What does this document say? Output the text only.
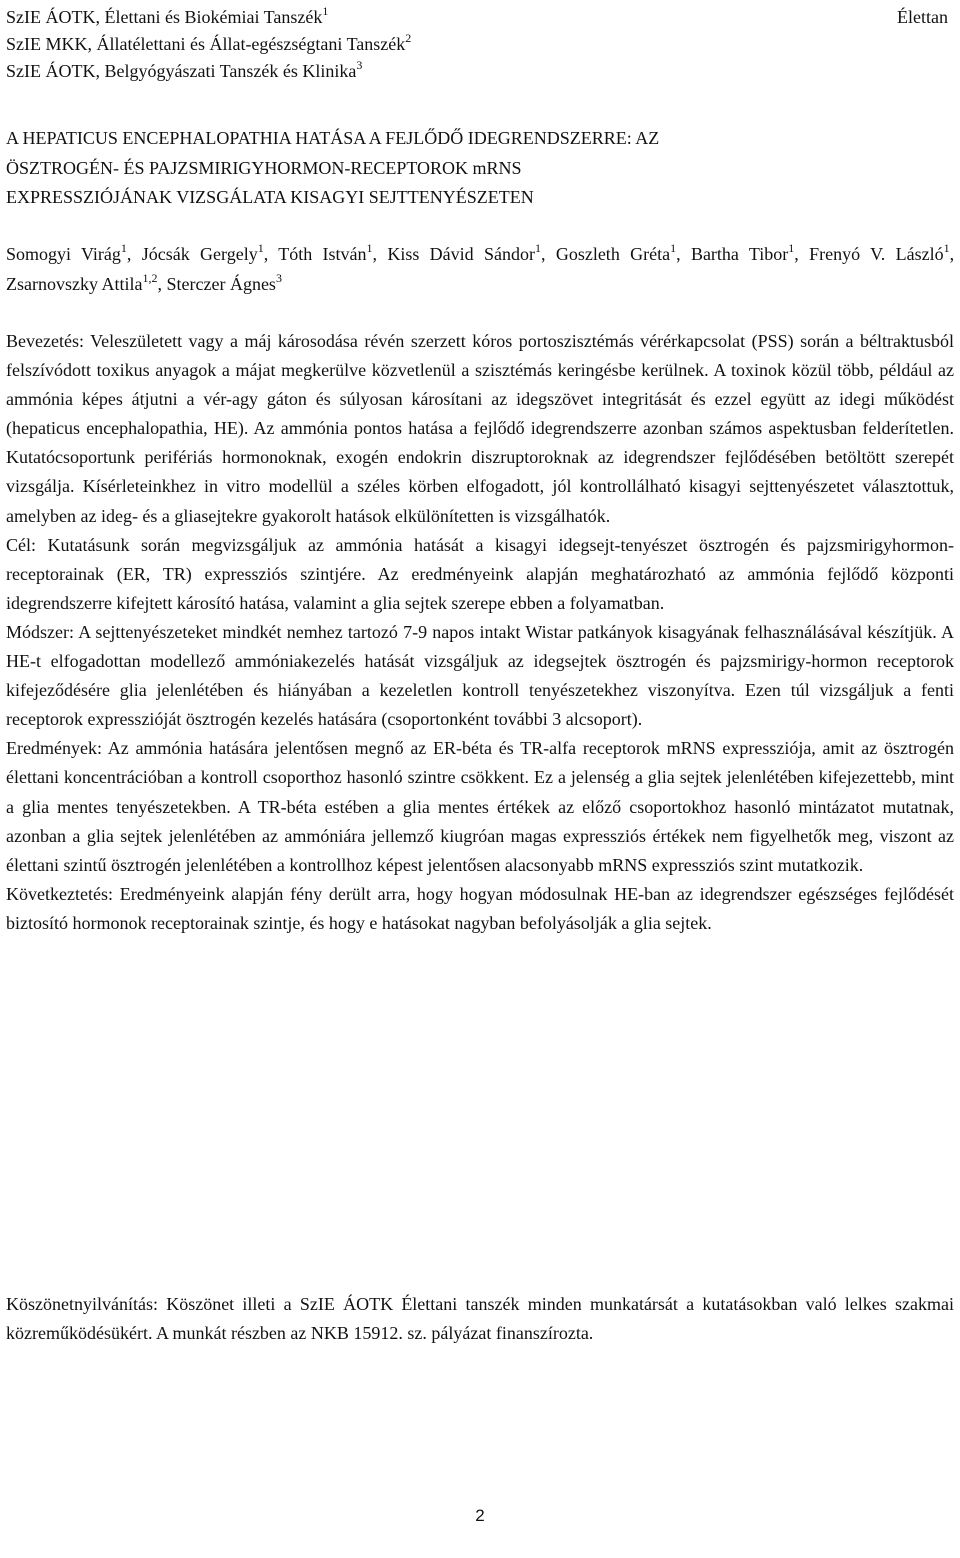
SzIE ÁOTK, Élettani és Biokémiai Tanszék$^1$
SzIE MKK, Állatélettani és Állat-egészségtani Tanszék$^2$
SzIE ÁOTK, Belgyógyászati Tanszék és Klinika$^3$
Élettan
A HEPATICUS ENCEPHALOPATHIA HATÁSA A FEJLŐDŐ IDEGRENDSZERRE: AZ
ÖSZTROGÉN- ÉS PAJZSMIRIGYHORMON-RECEPTOROK mRNS
EXPRESSZIÓJÁNAK VIZSGÁLATA KISAGYI SEJTTENYÉSZETEN
Somogyi Virág$^1$, Jócsák Gergely$^1$, Tóth István$^1$, Kiss Dávid Sándor$^1$, Goszleth Gréta$^1$, Bartha Tibor$^1$, Frenyó V. László$^1$, Zsarnovszky Attila$^{1,2}$, Sterczer Ágnes$^3$

Bevezetés: Veleszületett vagy a máj károsodása révén szerzett kóros portoszisztémás vérérkapcsolat (PSS) során a béltraktusból felszívódott toxikus anyagok a májat megkerülve közvetlenül a szisztémás keringésbe kerülnek. A toxinok közül több, például az ammónia képes átjutni a vér-agy gáton és súlyosan károsítani az idegszövet integritását és ezzel együtt az idegi működést (hepaticus encephalopathia, HE). Az ammónia pontos hatása a fejlődő idegrendszerre azonban számos aspektusban felderítetlen. Kutatócsoportunk perifériás hormonoknak, exogén endokrin diszruptoroknak az idegrendszer fejlődésében betöltött szerepét vizsgálja. Kísérleteinkhez in vitro modellül a széles körben elfogadott, jól kontrollálható kisagyi sejttenyészetet választottuk, amelyben az ideg- és a gliasejtekre gyakorolt hatások elkülönítetten is vizsgálhatók.

Cél: Kutatásunk során megvizsgáljuk az ammónia hatását a kisagyi idegsejt-tenyészet ösztrogén és pajzsmirigyhormon-receptorainak (ER, TR) expressziós szintjére. Az eredményeink alapján meghatározható az ammónia fejlődő központi idegrendszerre kifejtett károsító hatása, valamint a glia sejtek szerepe ebben a folyamatban.

Módszer: A sejttenyészeteket mindkét nemhez tartozó 7-9 napos intakt Wistar patkányok kisagyának felhasználásával készítjük. A HE-t elfogadottan modellező ammóniakezelés hatását vizsgáljuk az idegsejtek ösztrogén és pajzsmirigy-hormon receptorok kifejeződésére glia jelenlétében és hiányában a kezeletlen kontroll tenyészetekhez viszonyítva. Ezen túl vizsgáljuk a fenti receptorok expresszióját ösztrogén kezelés hatására (csoportonként további 3 alcsoport).

Eredmények: Az ammónia hatására jelentősen megnő az ER-béta és TR-alfa receptorok mRNS expressziója, amit az ösztrogén élettani koncentrációban a kontroll csoporthoz hasonló szintre csökkent. Ez a jelenség a glia sejtek jelenlétében kifejezettebb, mint a glia mentes tenyészetekben. A TR-béta estében a glia mentes értékek az előző csoportokhoz hasonló mintázatot mutatnak, azonban a glia sejtek jelenlétében az ammóniára jellemző kiugróan magas expressziós értékek nem figyelhetők meg, viszont az élettani szintű ösztrogén jelenlétében a kontrollhoz képest jelentősen alacsonyabb mRNS expressziós szint mutatkozik.

Következtetés: Eredményeink alapján fény derült arra, hogy hogyan módosulnak HE-ban az idegrendszer egészséges fejlődését biztosító hormonok receptorainak szintje, és hogy e hatásokat nagyban befolyásolják a glia sejtek.

Köszönetnyilvánítás: Köszönet illeti a SzIE ÁOTK Élettani tanszék minden munkatársát a kutatásokban való lelkes szakmai közreműködésükért. A munkát részben az NKB 15912. sz. pályázat finanszírozta.
2
